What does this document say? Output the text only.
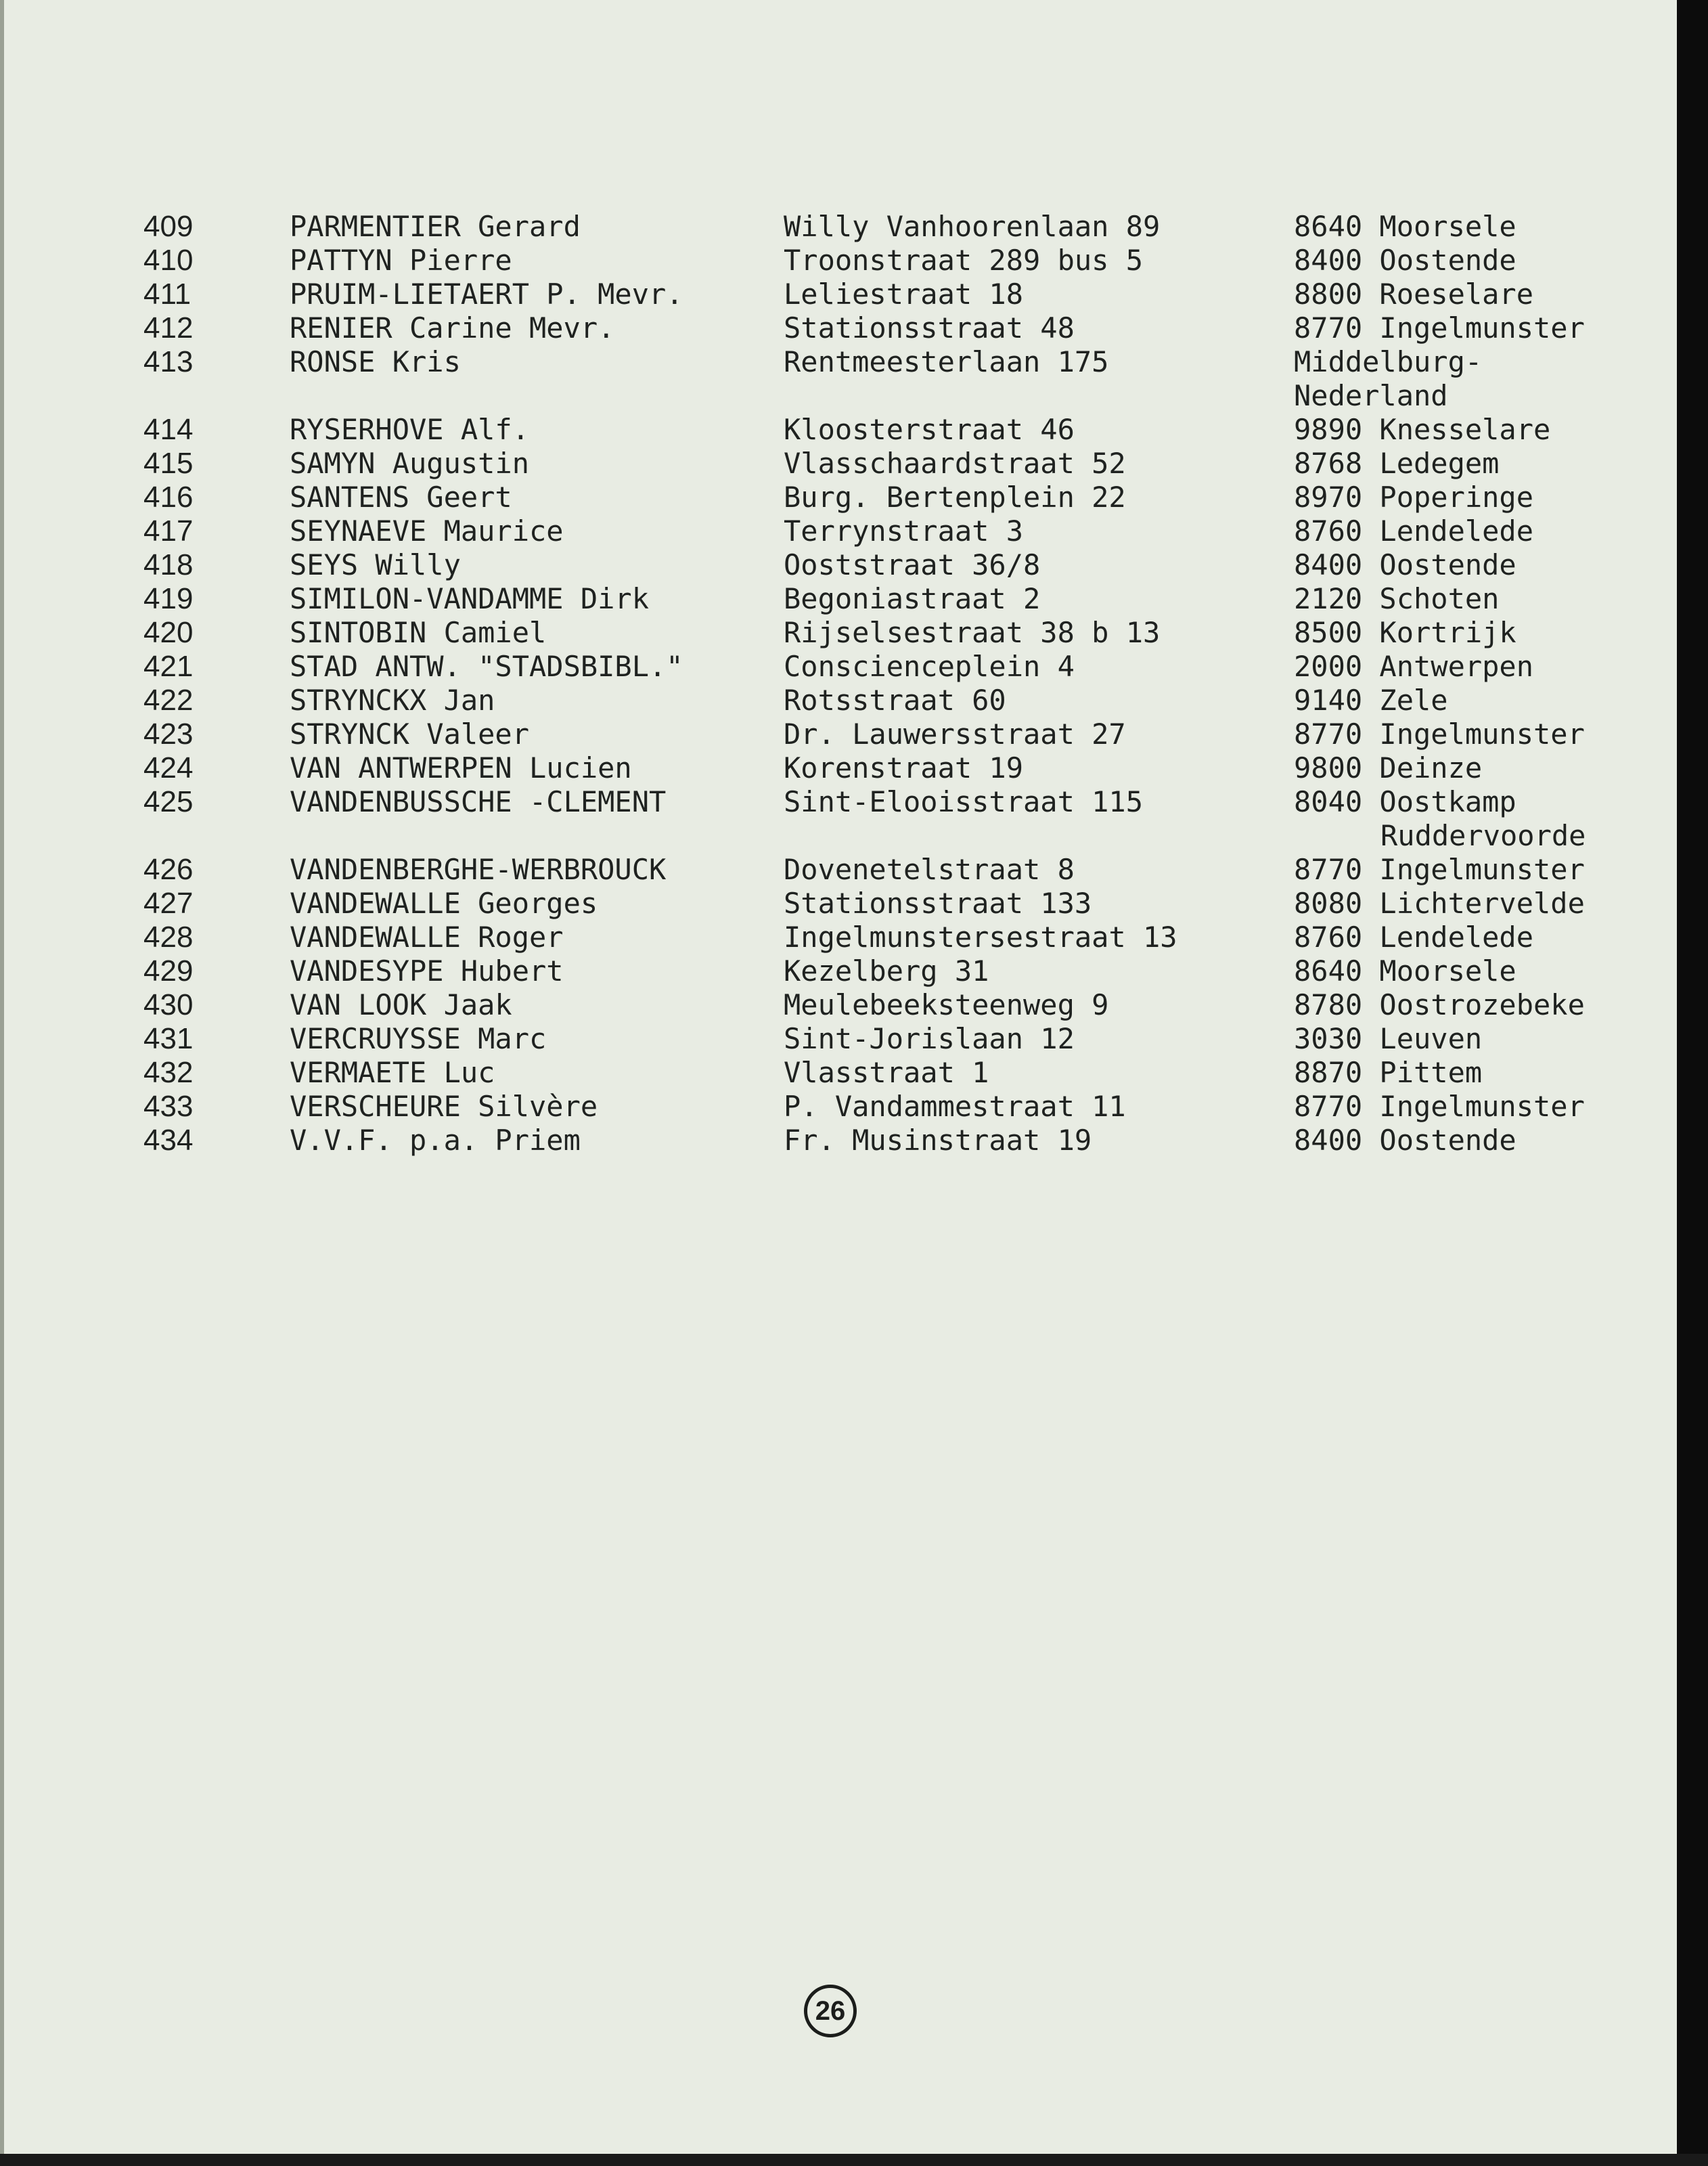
409	PARMENTIER Gerard	Willy Vanhoorenlaan 89	8640 Moorsele
410	PATTYN Pierre	Troonstraat 289 bus 5	8400 Oostende
411	PRUIM-LIETAERT P. Mevr.	Leliestraat 18	8800 Roeselare
412	RENIER Carine Mevr.	Stationsstraat 48	8770 Ingelmunster
413	RONSE Kris	Rentmeesterlaan 175	Middelburg-
Nederland
414	RYSERHOVE Alf.	Kloosterstraat 46	9890 Knesselare
415	SAMYN Augustin	Vlasschaardstraat 52	8768 Ledegem
416	SANTENS Geert	Burg. Bertenplein 22	8970 Poperinge
417	SEYNAEVE Maurice	Terrynstraat 3	8760 Lendelede
418	SEYS Willy	Ooststraat 36/8	8400 Oostende
419	SIMILON-VANDAMME Dirk	Begoniastraat 2	2120 Schoten
420	SINTOBIN Camiel	Rijselsestraat 38 b 13	8500 Kortrijk
421	STAD ANTW. "STADSBIBL."	Conscienceplein 4	2000 Antwerpen
422	STRYNCKX Jan	Rotsstraat 60	9140 Zele
423	STRYNCK Valeer	Dr. Lauwersstraat 27	8770 Ingelmunster
424	VAN ANTWERPEN Lucien	Korenstraat 19	9800 Deinze
425	VANDENBUSSCHE -CLEMENT	Sint-Elooisstraat 115	8040 Oostkamp
Ruddervoorde
426	VANDENBERGHE-WERBROUCK	Dovenetelstraat 8	8770 Ingelmunster
427	VANDEWALLE Georges	Stationsstraat 133	8080 Lichtervelde
428	VANDEWALLE Roger	Ingelmunstersestraat 13	8760 Lendelede
429	VANDESYPE Hubert	Kezelberg 31	8640 Moorsele
430	VAN LOOK Jaak	Meulebeeksteenweg 9	8780 Oostrozebeke
431	VERCRUYSSE Marc	Sint-Jorislaan 12	3030 Leuven
432	VERMAETE Luc	Vlasstraat 1	8870 Pittem
433	VERSCHEURE Silvère	P. Vandammestraat 11	8770 Ingelmunster
434	V.V.F. p.a. Priem	Fr. Musinstraat 19	8400 Oostende
26
